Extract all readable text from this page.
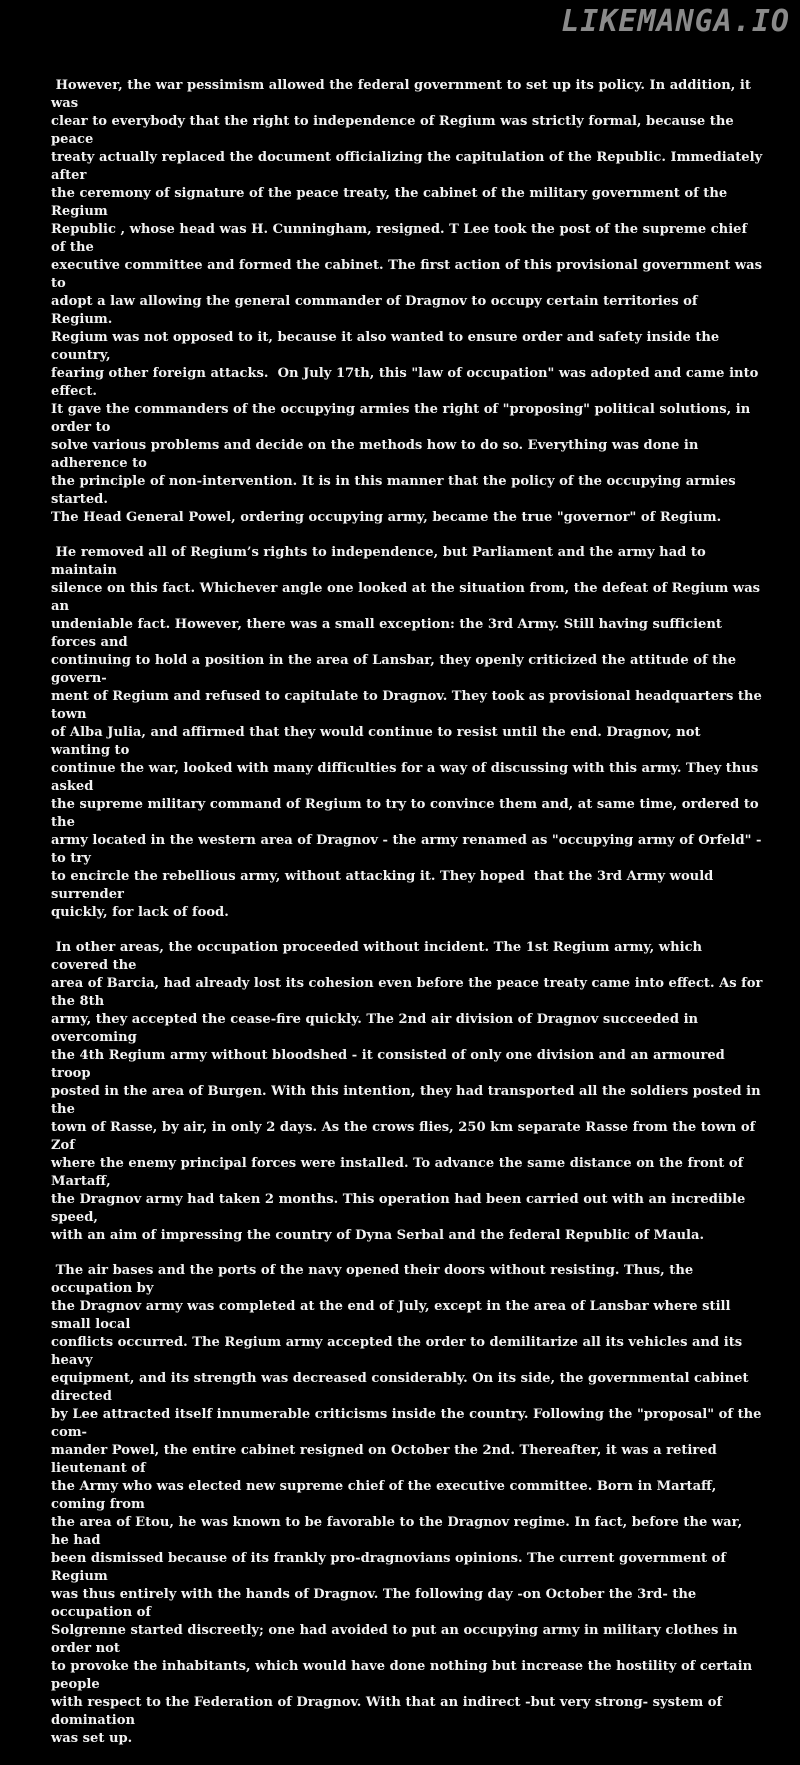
LIKEMANGA.IO

However, the war pessimism allowed the federal government to set up its policy. In addition, it was
clear to everybody that the right to independence of Regium was strictly formal, because the peace
treaty actually replaced the document officializing the capitulation of the Republic. Immediately after
the ceremony of signature of the peace treaty, the cabinet of the military government of the Regium
Republic , whose head was H. Cunningham, resigned. T Lee took the post of the supreme chief of the
executive committee and formed the cabinet. The first action of this provisional government was to
adopt a law allowing the general commander of Dragnov to occupy certain territories of Regium.
Regium was not opposed to it, because it also wanted to ensure order and safety inside the country,
fearing other foreign attacks.  On July 17th, this "law of occupation" was adopted and came into effect.
It gave the commanders of the occupying armies the right of "proposing" political solutions, in order to
solve various problems and decide on the methods how to do so. Everything was done in adherence to
the principle of non-intervention. It is in this manner that the policy of the occupying armies started.
The Head General Powel, ordering occupying army, became the true "governor" of Regium.

He removed all of Regium’s rights to independence, but Parliament and the army had to maintain
silence on this fact. Whichever angle one looked at the situation from, the defeat of Regium was an
undeniable fact. However, there was a small exception: the 3rd Army. Still having sufficient forces and
continuing to hold a position in the area of Lansbar, they openly criticized the attitude of the govern-
ment of Regium and refused to capitulate to Dragnov. They took as provisional headquarters the town
of Alba Julia, and affirmed that they would continue to resist until the end. Dragnov, not wanting to
continue the war, looked with many difficulties for a way of discussing with this army. They thus asked
the supreme military command of Regium to try to convince them and, at same time, ordered to the
army located in the western area of Dragnov - the army renamed as "occupying army of Orfeld" - to try
to encircle the rebellious army, without attacking it. They hoped  that the 3rd Army would surrender
quickly, for lack of food.

In other areas, the occupation proceeded without incident. The 1st Regium army, which covered the
area of Barcia, had already lost its cohesion even before the peace treaty came into effect. As for the 8th
army, they accepted the cease-fire quickly. The 2nd air division of Dragnov succeeded in overcoming
the 4th Regium army without bloodshed - it consisted of only one division and an armoured troop
posted in the area of Burgen. With this intention, they had transported all the soldiers posted in the
town of Rasse, by air, in only 2 days. As the crows flies, 250 km separate Rasse from the town of Zof
where the enemy principal forces were installed. To advance the same distance on the front of Martaff,
the Dragnov army had taken 2 months. This operation had been carried out with an incredible speed,
with an aim of impressing the country of Dyna Serbal and the federal Republic of Maula.

The air bases and the ports of the navy opened their doors without resisting. Thus, the occupation by
the Dragnov army was completed at the end of July, except in the area of Lansbar where still small local
conflicts occurred. The Regium army accepted the order to demilitarize all its vehicles and its heavy
equipment, and its strength was decreased considerably. On its side, the governmental cabinet directed
by Lee attracted itself innumerable criticisms inside the country. Following the "proposal" of the com-
mander Powel, the entire cabinet resigned on October the 2nd. Thereafter, it was a retired lieutenant of
the Army who was elected new supreme chief of the executive committee. Born in Martaff, coming from
the area of Etou, he was known to be favorable to the Dragnov regime. In fact, before the war, he had
been dismissed because of its frankly pro-dragnovians opinions. The current government of Regium
was thus entirely with the hands of Dragnov. The following day -on October the 3rd- the occupation of
Solgrenne started discreetly; one had avoided to put an occupying army in military clothes in order not
to provoke the inhabitants, which would have done nothing but increase the hostility of certain people
with respect to the Federation of Dragnov. With that an indirect -but very strong- system of domination
was set up.
